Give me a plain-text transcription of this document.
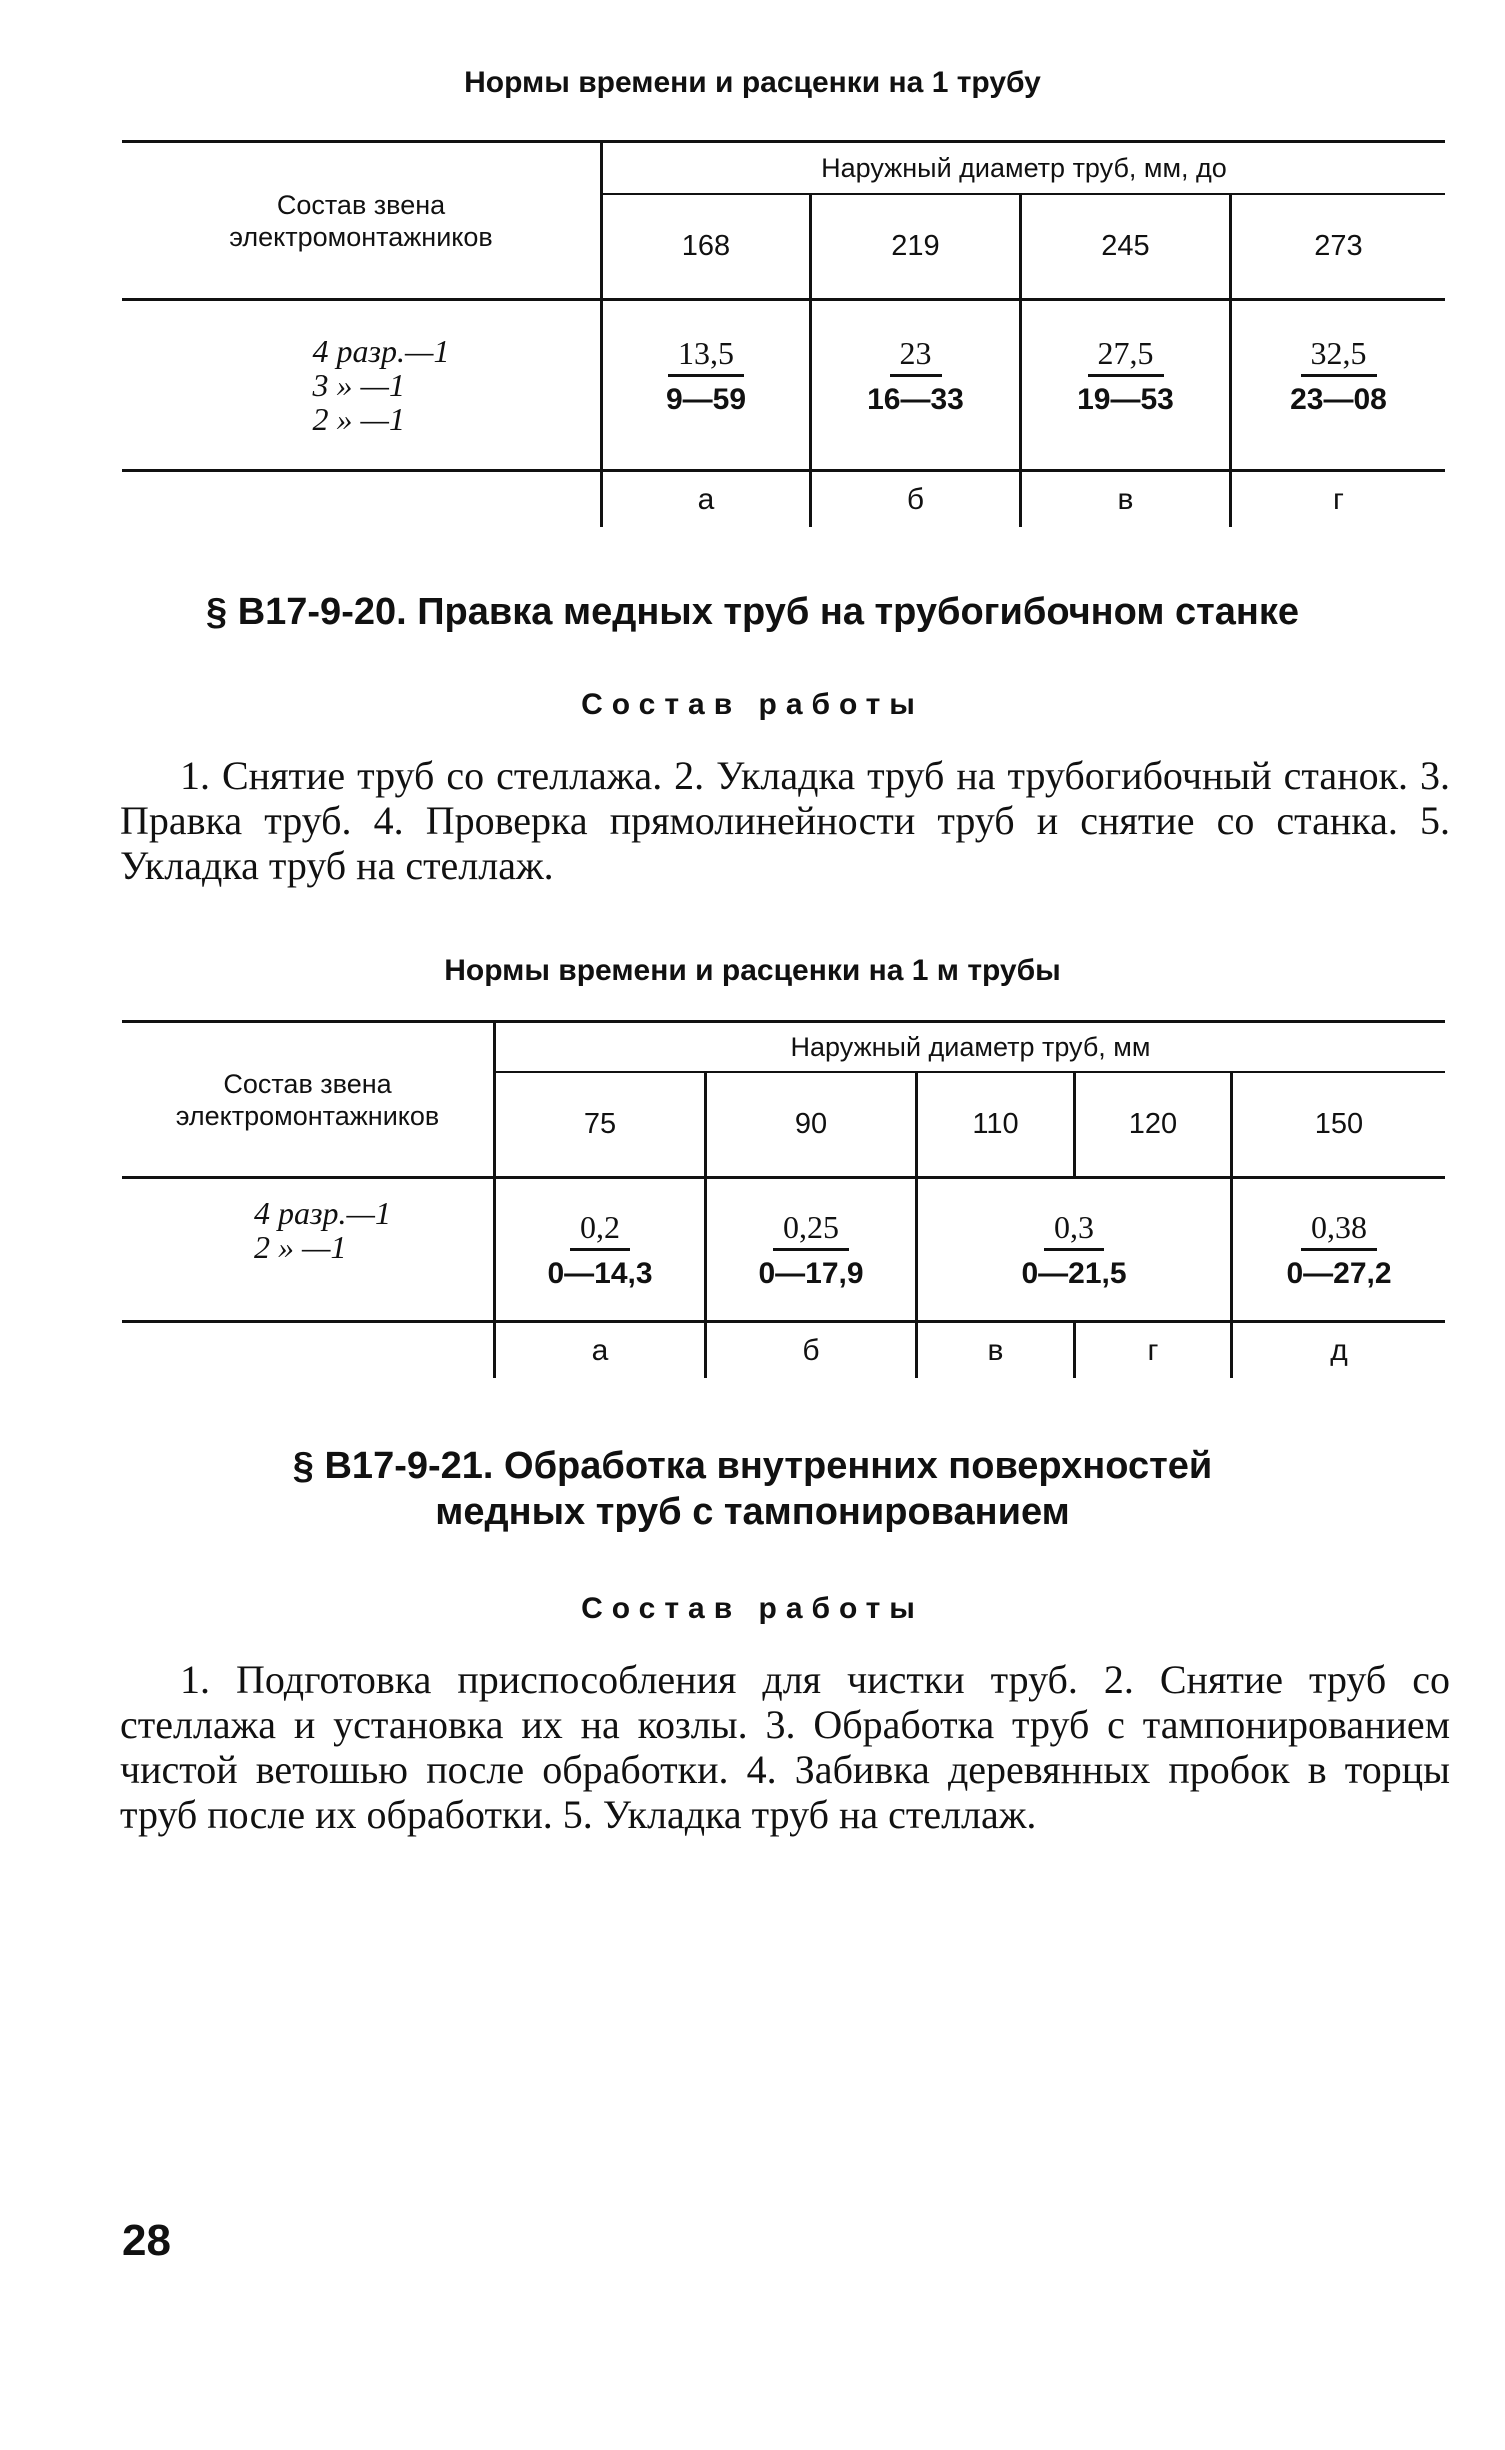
Нормы времени и расценки на 1 трубу
Состав звена электромонтажников
Наружный диаметр труб, мм, до
168	219	245	273
4 разр.—1
3 » —1
2 » —1
$\frac{13,5}{9—59}$	$\frac{23}{16—33}$	$\frac{27,5}{19—53}$	$\frac{32,5}{23—08}$
а	б	в	г
§ В17-9-20. Правка медных труб на трубогибочном станке
Состав работы
1. Снятие труб со стеллажа. 2. Укладка труб на трубогибочный станок. 3. Правка труб. 4. Проверка прямолинейности труб и снятие со станка. 5. Укладка труб на стеллаж.
Нормы времени и расценки на 1 м трубы
Состав звена электромонтажников
Наружный диаметр труб, мм
75	90	110	120	150
4 разр.—1
2 » —1	$\frac{0,2}{0—14,3}$	$\frac{0,25}{0—17,9}$	$\frac{0,3}{0—21,5}$	$\frac{0,38}{0—27,2}$
а	б	в	г	д
§ В17-9-21. Обработка внутренних поверхностей
медных труб с тампонированием
Состав работы
1. Подготовка приспособления для чистки труб. 2. Снятие труб со стеллажа и установка их на козлы. 3. Обработка труб с тампонированием чистой ветошью после обработки. 4. Забивка деревянных пробок в торцы труб после их обработки. 5. Укладка труб на стеллаж.
28
